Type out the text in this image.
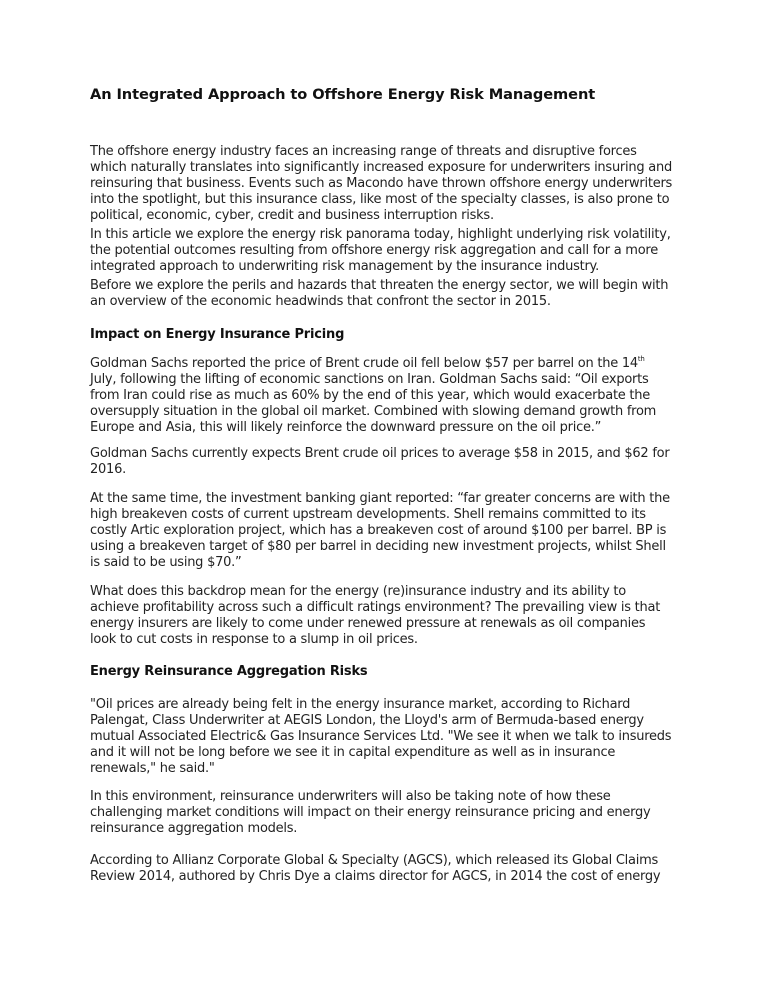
An Integrated Approach to Offshore Energy Risk Management

The offshore energy industry faces an increasing range of threats and disruptive forces
which naturally translates into significantly increased exposure for underwriters insuring and
reinsuring that business. Events such as Macondo have thrown offshore energy underwriters
into the spotlight, but this insurance class, like most of the specialty classes, is also prone to
political, economic, cyber, credit and business interruption risks.

In this article we explore the energy risk panorama today, highlight underlying risk volatility,
the potential outcomes resulting from offshore energy risk aggregation and call for a more
integrated approach to underwriting risk management by the insurance industry.

Before we explore the perils and hazards that threaten the energy sector, we will begin with
an overview of the economic headwinds that confront the sector in 2015.

Impact on Energy Insurance Pricing

Goldman Sachs reported the price of Brent crude oil fell below $57 per barrel on the 14th
July, following the lifting of economic sanctions on Iran. Goldman Sachs said: “Oil exports
from Iran could rise as much as 60% by the end of this year, which would exacerbate the
oversupply situation in the global oil market. Combined with slowing demand growth from
Europe and Asia, this will likely reinforce the downward pressure on the oil price.”

Goldman Sachs currently expects Brent crude oil prices to average $58 in 2015, and $62 for
2016.

At the same time, the investment banking giant reported: “far greater concerns are with the
high breakeven costs of current upstream developments. Shell remains committed to its
costly Artic exploration project, which has a breakeven cost of around $100 per barrel. BP is
using a breakeven target of $80 per barrel in deciding new investment projects, whilst Shell
is said to be using $70.”

What does this backdrop mean for the energy (re)insurance industry and its ability to
achieve profitability across such a difficult ratings environment? The prevailing view is that
energy insurers are likely to come under renewed pressure at renewals as oil companies
look to cut costs in response to a slump in oil prices.

Energy Reinsurance Aggregation Risks

"Oil prices are already being felt in the energy insurance market, according to Richard
Palengat, Class Underwriter at AEGIS London, the Lloyd's arm of Bermuda-based energy
mutual Associated Electric& Gas Insurance Services Ltd. "We see it when we talk to insureds
and it will not be long before we see it in capital expenditure as well as in insurance
renewals," he said."

In this environment, reinsurance underwriters will also be taking note of how these
challenging market conditions will impact on their energy reinsurance pricing and energy
reinsurance aggregation models.

According to Allianz Corporate Global & Specialty (AGCS), which released its Global Claims
Review 2014, authored by Chris Dye a claims director for AGCS, in 2014 the cost of energy
